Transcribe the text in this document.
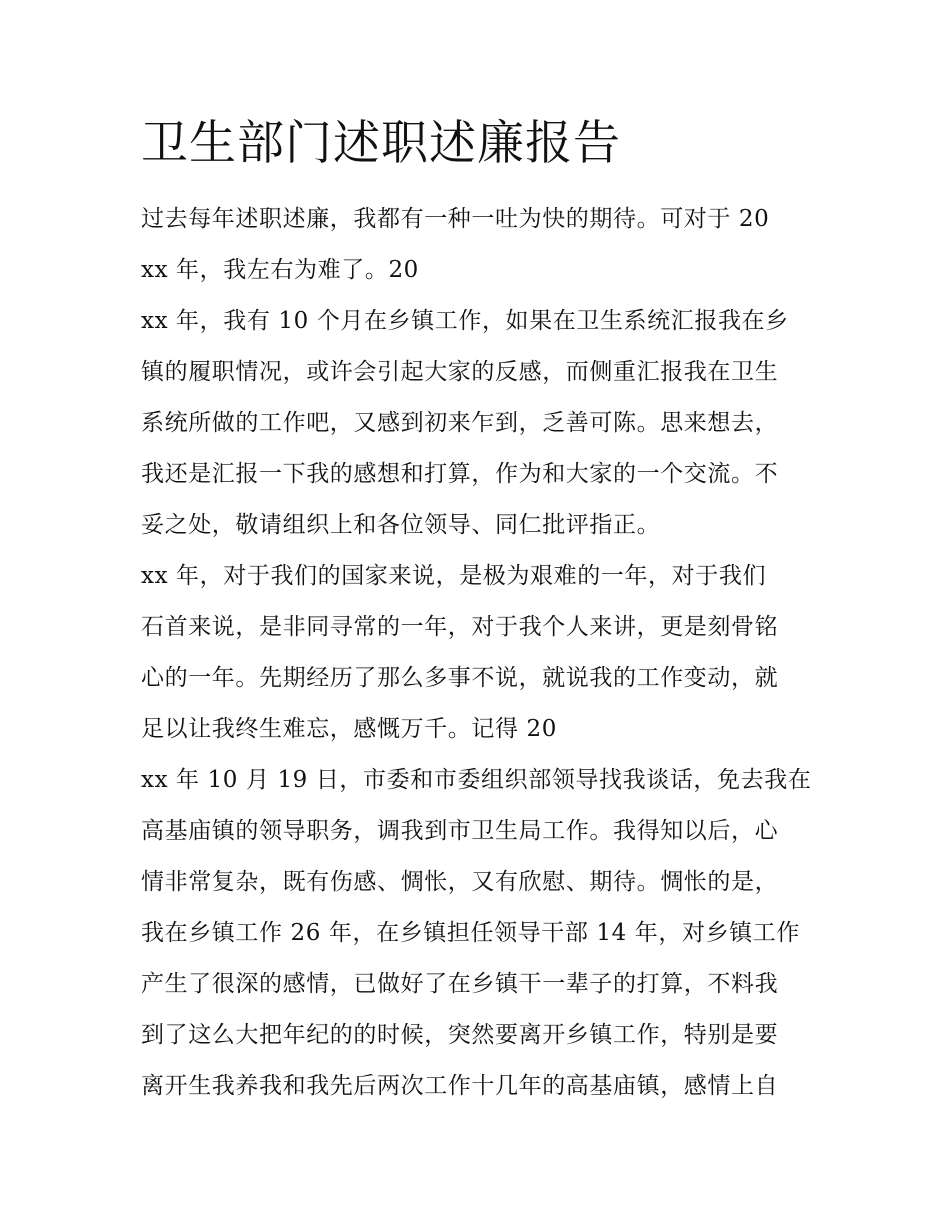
卫生部门述职述廉报告
过去每年述职述廉，我都有一种一吐为快的期待。可对于 20
xx 年，我左右为难了。20
xx 年，我有 10 个月在乡镇工作，如果在卫生系统汇报我在乡
镇的履职情况，或许会引起大家的反感，而侧重汇报我在卫生
系统所做的工作吧，又感到初来乍到，乏善可陈。思来想去，
我还是汇报一下我的感想和打算，作为和大家的一个交流。不
妥之处，敬请组织上和各位领导、同仁批评指正。
xx 年，对于我们的国家来说，是极为艰难的一年，对于我们
石首来说，是非同寻常的一年，对于我个人来讲，更是刻骨铭
心的一年。先期经历了那么多事不说，就说我的工作变动，就
足以让我终生难忘，感慨万千。记得 20
xx 年 10 月 19 日，市委和市委组织部领导找我谈话，免去我在
高基庙镇的领导职务，调我到市卫生局工作。我得知以后，心
情非常复杂，既有伤感、惆怅，又有欣慰、期待。惆怅的是，
我在乡镇工作 26 年，在乡镇担任领导干部 14 年，对乡镇工作
产生了很深的感情，已做好了在乡镇干一辈子的打算，不料我
到了这么大把年纪的的时候，突然要离开乡镇工作，特别是要
离开生我养我和我先后两次工作十几年的高基庙镇，感情上自
